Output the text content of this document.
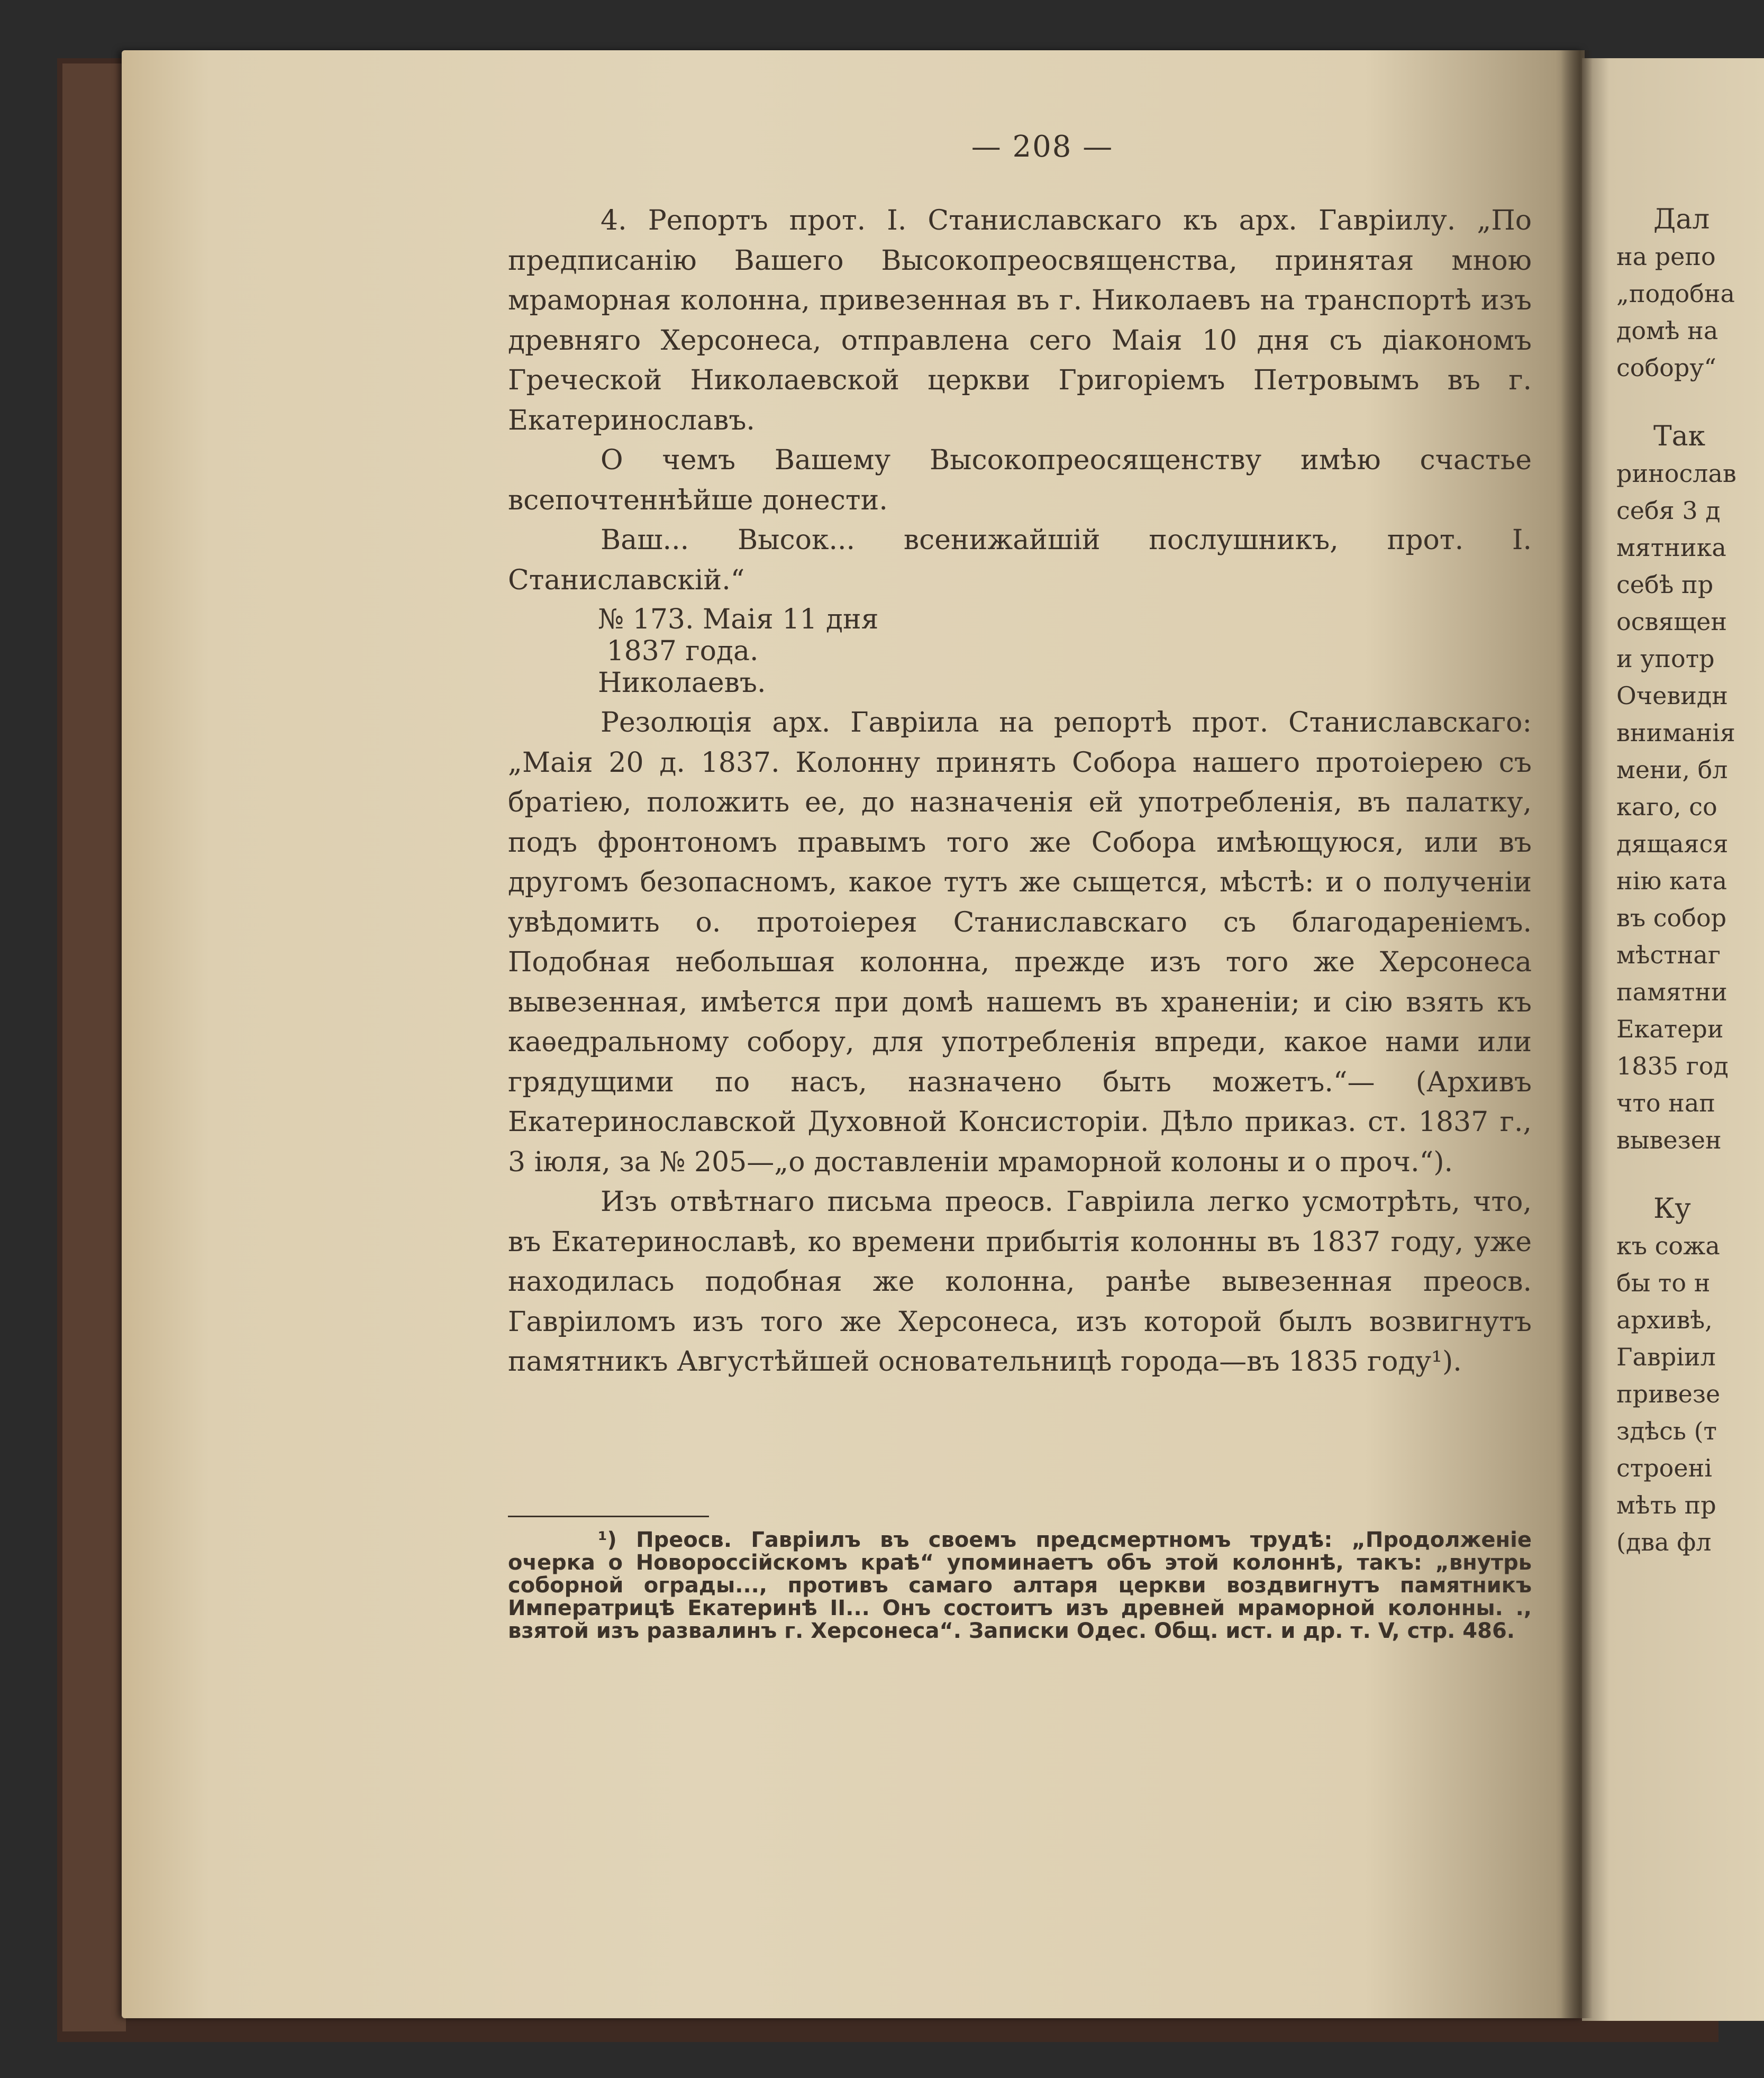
— 208 —

4. Репортъ прот. І. Станиславскаго къ арх. Гаврiилу. „По предписанiю Вашего Высокопреосвященства, принятая мною мраморная колонна, привезенная въ г. Николаевъ на транспортѣ изъ древняго Херсонеса, отправлена сего Маiя 10 дня съ дiакономъ Греческой Николаевской церкви Григорiемъ Петровымъ въ г. Екатеринославъ.

О чемъ Вашему Высокопреосященству имѣю счастье всепочтеннѣйше донести.

Ваш... Высок... всенижайшiй послушникъ, прот. І. Станиславскiй.“

№ 173. Маiя 11 дня
1837 года.
Николаевъ.

Резолюцiя арх. Гаврiила на репортѣ прот. Станиславскаго: „Маiя 20 д. 1837. Колонну принять Собора нашего протоiерею съ братiею, положить ее, до назначенiя ей употребленiя, въ палатку, подъ фронтономъ правымъ того же Собора имѣющуюся, или въ другомъ безопасномъ, какое тутъ же сыщется, мѣстѣ: и о полученiи увѣдомить о. протоiерея Станиславскаго съ благодаренiемъ. Подобная небольшая колонна, прежде изъ того же Херсонеса вывезенная, имѣется при домѣ нашемъ въ храненiи; и сiю взять къ каѳедральному собору, для употребленiя впреди, какое нами или грядущими по насъ, назначено быть можетъ.“— (Архивъ Екатеринославской Духовной Консисторiи. Дѣло приказ. ст. 1837 г., 3 iюля, за № 205—„о доставленiи мраморной колоны и о проч.“).

Изъ отвѣтнаго письма преосв. Гаврiила легко усмотрѣть, что, въ Екатеринославѣ, ко времени прибытiя колонны въ 1837 году, уже находилась подобная же колонна, ранѣе вывезенная преосв. Гаврiиломъ изъ того же Херсонеса, изъ которой былъ возвигнутъ памятникъ Августѣйшей основательницѣ города—въ 1835 году¹).

¹) Преосв. Гаврiилъ въ своемъ предсмертномъ трудѣ: „Продолженiе очерка о Новороссiйскомъ краѣ“ упоминаетъ объ этой колоннѣ, такъ: „внутрь соборной ограды..., противъ самаго алтаря церкви воздвигнутъ памятникъ Императрицѣ Екатеринѣ II... Онъ состоитъ изъ древней мраморной колонны. ., взятой изъ развалинъ г. Херсонеса“. Записки Одес. Общ. ист. и др. т. V, стр. 486.

Дал
на репо
„подобна
домѣ на
собору“
Так
ринослав
себя 3 д
мятника
себѣ пр
освящен
и употр
Очевидн
вниманiя
мени, бл
каго, со
дящаяся
нiю ката
въ собор
мѣстнаг
памятни
Екатери
1835 год
что нап
вывезен
Ку
къ сожа
бы то н
архивѣ,
Гаврiил
привезе
здѣсь (т
строенi
мѣть пр
(два фл
